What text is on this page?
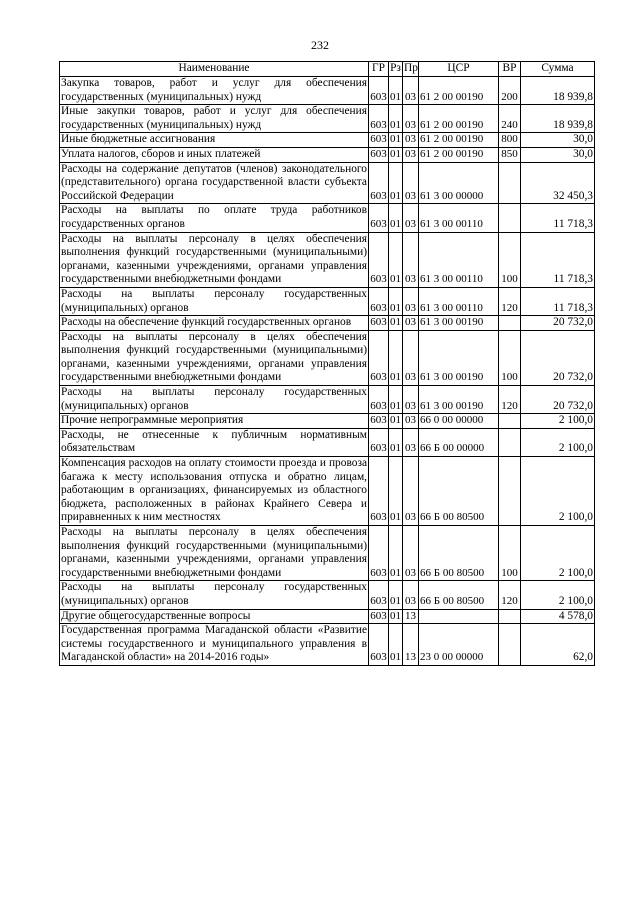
232
Наименование	ГР	Рз	Пр	ЦСР	ВР	Сумма
Закупка товаров, работ и услуг для обеспечения государственных (муниципальных) нужд	603	01	03	61 2 00 00190	200	18 939,8
Иные закупки товаров, работ и услуг для обеспечения государственных (муниципальных) нужд	603	01	03	61 2 00 00190	240	18 939,8
Иные бюджетные ассигнования	603	01	03	61 2 00 00190	800	30,0
Уплата налогов, сборов и иных платежей	603	01	03	61 2 00 00190	850	30,0
Расходы на содержание депутатов (членов) законодательного (представительного) органа государственной власти субъекта Российской Федерации	603	01	03	61 3 00 00000		32 450,3
Расходы на выплаты по оплате труда работников государственных органов	603	01	03	61 3 00 00110		11 718,3
Расходы на выплаты персоналу в целях обеспечения выполнения функций государственными (муниципальными) органами, казенными учреждениями, органами управления государственными внебюджетными фондами	603	01	03	61 3 00 00110	100	11 718,3
Расходы на выплаты персоналу государственных (муниципальных) органов	603	01	03	61 3 00 00110	120	11 718,3
Расходы на обеспечение функций государственных органов	603	01	03	61 3 00 00190		20 732,0
Расходы на выплаты персоналу в целях обеспечения выполнения функций государственными (муниципальными) органами, казенными учреждениями, органами управления государственными внебюджетными фондами	603	01	03	61 3 00 00190	100	20 732,0
Расходы на выплаты персоналу государственных (муниципальных) органов	603	01	03	61 3 00 00190	120	20 732,0
Прочие непрограммные мероприятия	603	01	03	66 0 00 00000		2 100,0
Расходы, не отнесенные к публичным нормативным обязательствам	603	01	03	66 Б 00 00000		2 100,0
Компенсация расходов на оплату стоимости проезда и провоза багажа к месту использования отпуска и обратно лицам, работающим в организациях, финансируемых из областного бюджета, расположенных в районах Крайнего Севера и приравненных к ним местностях	603	01	03	66 Б 00 80500		2 100,0
Расходы на выплаты персоналу в целях обеспечения выполнения функций государственными (муниципальными) органами, казенными учреждениями, органами управления государственными внебюджетными фондами	603	01	03	66 Б 00 80500	100	2 100,0
Расходы на выплаты персоналу государственных (муниципальных) органов	603	01	03	66 Б 00 80500	120	2 100,0
Другие общегосударственные вопросы	603	01	13			4 578,0
Государственная программа Магаданской области «Развитие системы государственного и муниципального управления в Магаданской области» на 2014-2016 годы»	603	01	13	23 0 00 00000		62,0
